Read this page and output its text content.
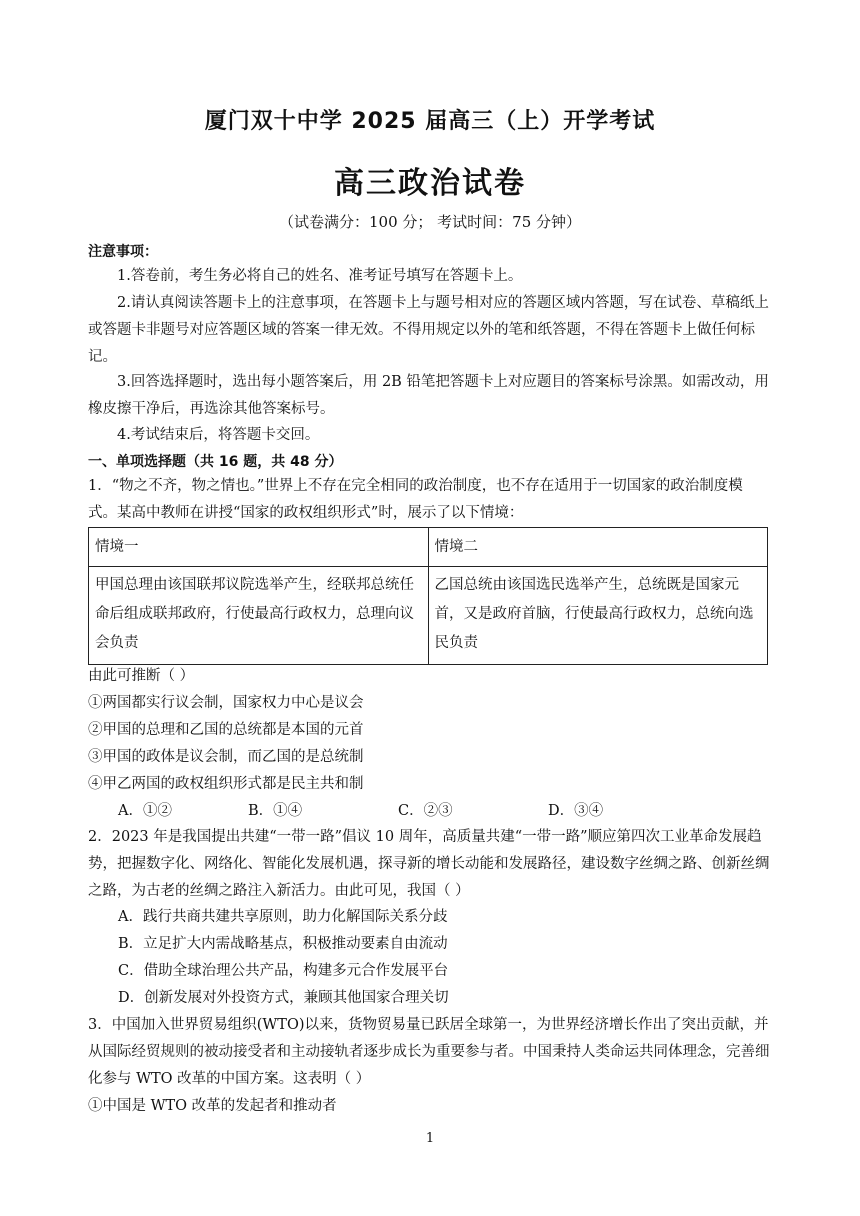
厦门双十中学 2025 届高三（上）开学考试
高三政治试卷
（试卷满分：100 分； 考试时间：75 分钟）
注意事项：
1.答卷前，考生务必将自己的姓名、准考证号填写在答题卡上。
2.请认真阅读答题卡上的注意事项，在答题卡上与题号相对应的答题区域内答题，写在试卷、草稿纸上或答题卡非题号对应答题区域的答案一律无效。不得用规定以外的笔和纸答题，不得在答题卡上做任何标记。
3.回答选择题时，选出每小题答案后，用 2B 铅笔把答题卡上对应题目的答案标号涂黑。如需改动，用橡皮擦干净后，再选涂其他答案标号。
4.考试结束后，将答题卡交回。
一、单项选择题（共 16 题，共 48 分）
1．“物之不齐，物之情也。”世界上不存在完全相同的政治制度，也不存在适用于一切国家的政治制度模式。某高中教师在讲授“国家的政权组织形式”时，展示了以下情境：
情境一	情境二
甲国总理由该国联邦议院选举产生，经联邦总统任命后组成联邦政府，行使最高行政权力，总理向议会负责	乙国总统由该国选民选举产生，总统既是国家元首，又是政府首脑，行使最高行政权力，总统向选民负责
由此可推断（ ）
①两国都实行议会制，国家权力中心是议会
②甲国的总理和乙国的总统都是本国的元首
③甲国的政体是议会制，而乙国的是总统制
④甲乙两国的政权组织形式都是民主共和制
A．①②	B．①④	C．②③	D．③④
2．2023 年是我国提出共建“一带一路”倡议 10 周年，高质量共建“一带一路”顺应第四次工业革命发展趋势，把握数字化、网络化、智能化发展机遇，探寻新的增长动能和发展路径，建设数字丝绸之路、创新丝绸之路，为古老的丝绸之路注入新活力。由此可见，我国（ ）
A．践行共商共建共享原则，助力化解国际关系分歧
B．立足扩大内需战略基点，积极推动要素自由流动
C．借助全球治理公共产品，构建多元合作发展平台
D．创新发展对外投资方式，兼顾其他国家合理关切
3．中国加入世界贸易组织(WTO)以来，货物贸易量已跃居全球第一，为世界经济增长作出了突出贡献，并从国际经贸规则的被动接受者和主动接轨者逐步成长为重要参与者。中国秉持人类命运共同体理念，完善细化参与 WTO 改革的中国方案。这表明（ ）
①中国是 WTO 改革的发起者和推动者
1
